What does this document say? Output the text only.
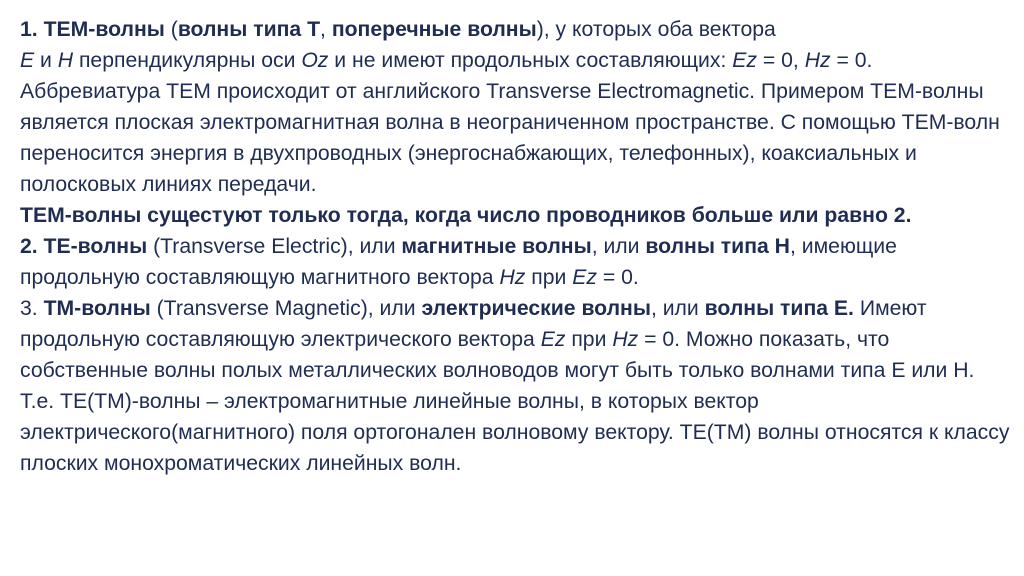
1. ТЕМ-волны (волны типа Т, поперечные волны), у которых оба вектора
E и H перпендикулярны оси Oz и не имеют продольных составляющих: Ez = 0, Hz = 0. Аббревиатура ТЕМ происходит от английского Transverse Electromagnetic. Примером ТЕМ-волны является плоская электромагнитная волна в неограниченном пространстве. С помощью ТЕМ-волн переносится энергия в двухпроводных (энергоснабжающих, телефонных), коаксиальных и полосковых линиях передачи.

ТЕМ-волны сущестуют только тогда, когда число проводников больше или равно 2.

2. ТЕ-волны (Transverse Electric), или магнитные волны, или волны типа Н, имеющие продольную составляющую магнитного вектора Hz при Ez = 0.

3. ТМ-волны (Transverse Magnetic), или электрические волны, или волны типа Е. Имеют продольную составляющую электрического вектора Ez при Hz = 0. Можно показать, что собственные волны полых металлических волноводов могут быть только волнами типа Е или Н.

Т.е. ТЕ(ТМ)-волны – электромагнитные линейные волны, в которых вектор электрического(магнитного) поля ортогонален волновому вектору. ТЕ(ТМ) волны относятся к классу плоских монохроматических линейных волн.
